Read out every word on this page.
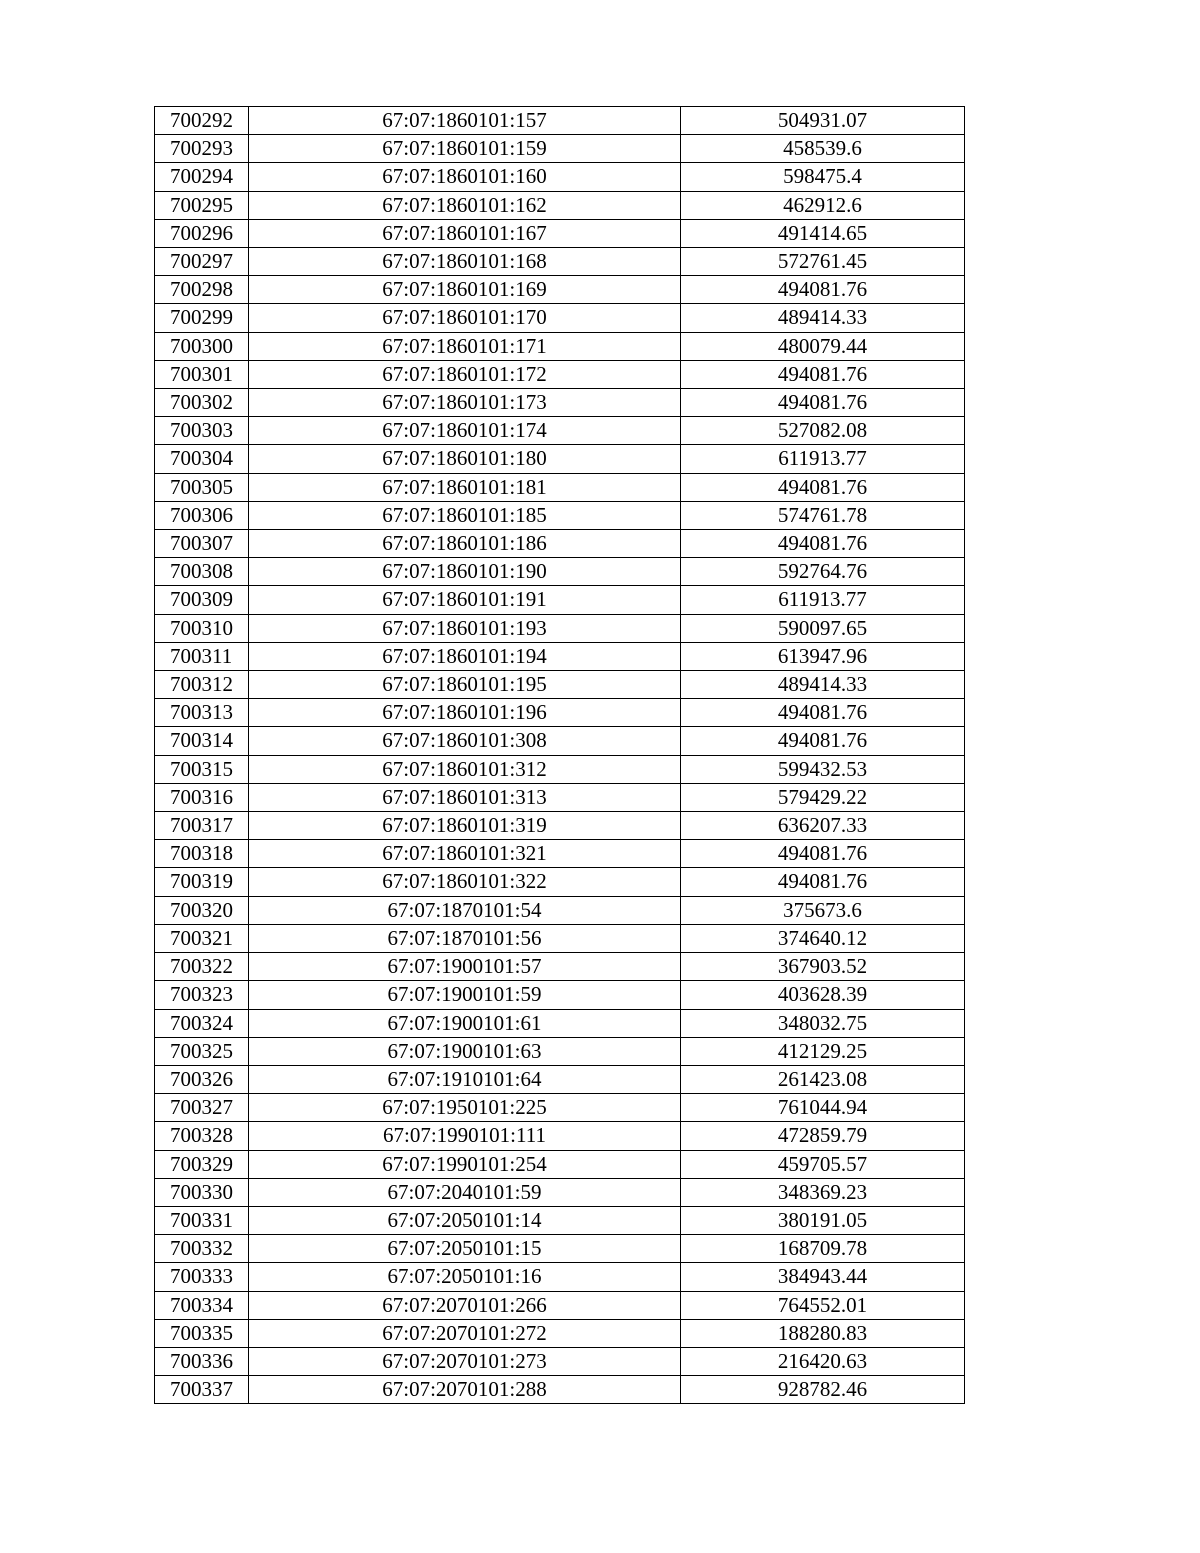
700292	67:07:1860101:157	504931.07
700293	67:07:1860101:159	458539.6
700294	67:07:1860101:160	598475.4
700295	67:07:1860101:162	462912.6
700296	67:07:1860101:167	491414.65
700297	67:07:1860101:168	572761.45
700298	67:07:1860101:169	494081.76
700299	67:07:1860101:170	489414.33
700300	67:07:1860101:171	480079.44
700301	67:07:1860101:172	494081.76
700302	67:07:1860101:173	494081.76
700303	67:07:1860101:174	527082.08
700304	67:07:1860101:180	611913.77
700305	67:07:1860101:181	494081.76
700306	67:07:1860101:185	574761.78
700307	67:07:1860101:186	494081.76
700308	67:07:1860101:190	592764.76
700309	67:07:1860101:191	611913.77
700310	67:07:1860101:193	590097.65
700311	67:07:1860101:194	613947.96
700312	67:07:1860101:195	489414.33
700313	67:07:1860101:196	494081.76
700314	67:07:1860101:308	494081.76
700315	67:07:1860101:312	599432.53
700316	67:07:1860101:313	579429.22
700317	67:07:1860101:319	636207.33
700318	67:07:1860101:321	494081.76
700319	67:07:1860101:322	494081.76
700320	67:07:1870101:54	375673.6
700321	67:07:1870101:56	374640.12
700322	67:07:1900101:57	367903.52
700323	67:07:1900101:59	403628.39
700324	67:07:1900101:61	348032.75
700325	67:07:1900101:63	412129.25
700326	67:07:1910101:64	261423.08
700327	67:07:1950101:225	761044.94
700328	67:07:1990101:111	472859.79
700329	67:07:1990101:254	459705.57
700330	67:07:2040101:59	348369.23
700331	67:07:2050101:14	380191.05
700332	67:07:2050101:15	168709.78
700333	67:07:2050101:16	384943.44
700334	67:07:2070101:266	764552.01
700335	67:07:2070101:272	188280.83
700336	67:07:2070101:273	216420.63
700337	67:07:2070101:288	928782.46
